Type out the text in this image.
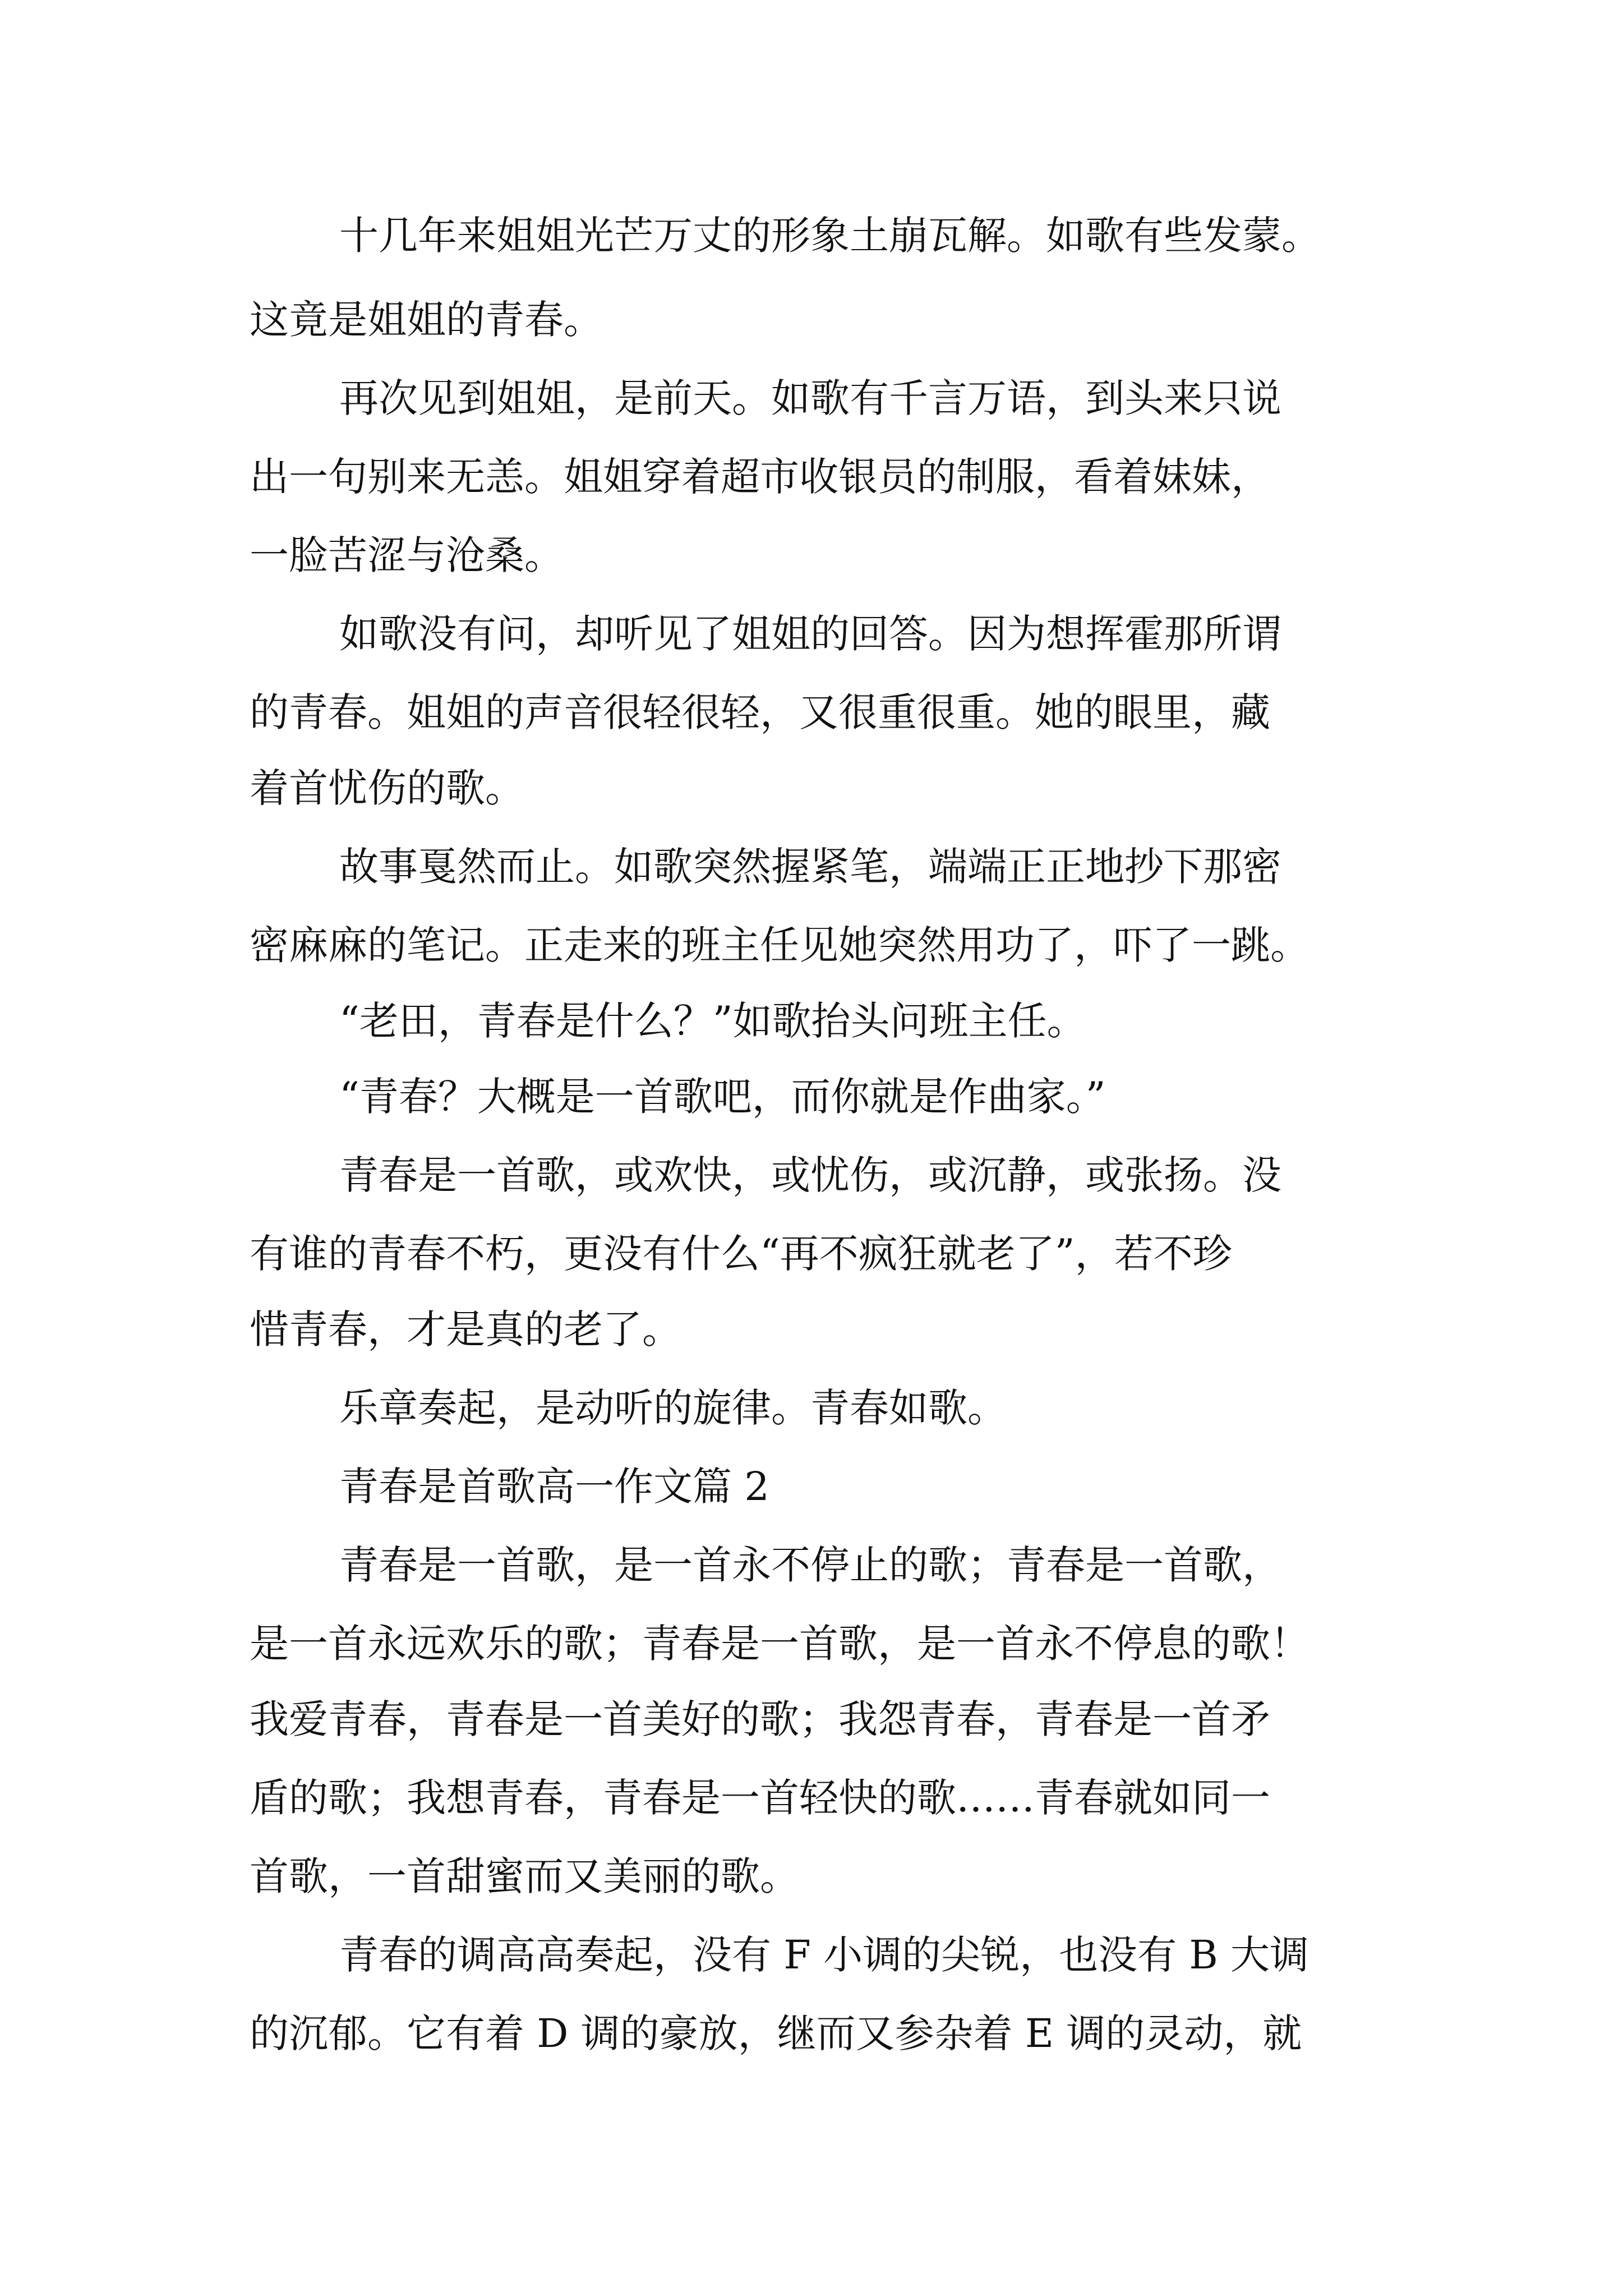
十几年来姐姐光芒万丈的形象土崩瓦解。如歌有些发蒙。
这竟是姐姐的青春。
再次见到姐姐，是前天。如歌有千言万语，到头来只说
出一句别来无恙。姐姐穿着超市收银员的制服，看着妹妹，
一脸苦涩与沧桑。
如歌没有问，却听见了姐姐的回答。因为想挥霍那所谓
的青春。姐姐的声音很轻很轻，又很重很重。她的眼里，藏
着首忧伤的歌。
故事戛然而止。如歌突然握紧笔，端端正正地抄下那密
密麻麻的笔记。正走来的班主任见她突然用功了，吓了一跳。
“老田，青春是什么？”如歌抬头问班主任。
“青春？大概是一首歌吧，而你就是作曲家。”
青春是一首歌，或欢快，或忧伤，或沉静，或张扬。没
有谁的青春不朽，更没有什么“再不疯狂就老了”，若不珍
惜青春，才是真的老了。
乐章奏起，是动听的旋律。青春如歌。
青春是首歌高一作文篇 2
青春是一首歌，是一首永不停止的歌；青春是一首歌，
是一首永远欢乐的歌；青春是一首歌，是一首永不停息的歌！
我爱青春，青春是一首美好的歌；我怨青春，青春是一首矛
盾的歌；我想青春，青春是一首轻快的歌……青春就如同一
首歌，一首甜蜜而又美丽的歌。
青春的调高高奏起，没有 F 小调的尖锐，也没有 B 大调
的沉郁。它有着 D 调的豪放，继而又参杂着 E 调的灵动，就
